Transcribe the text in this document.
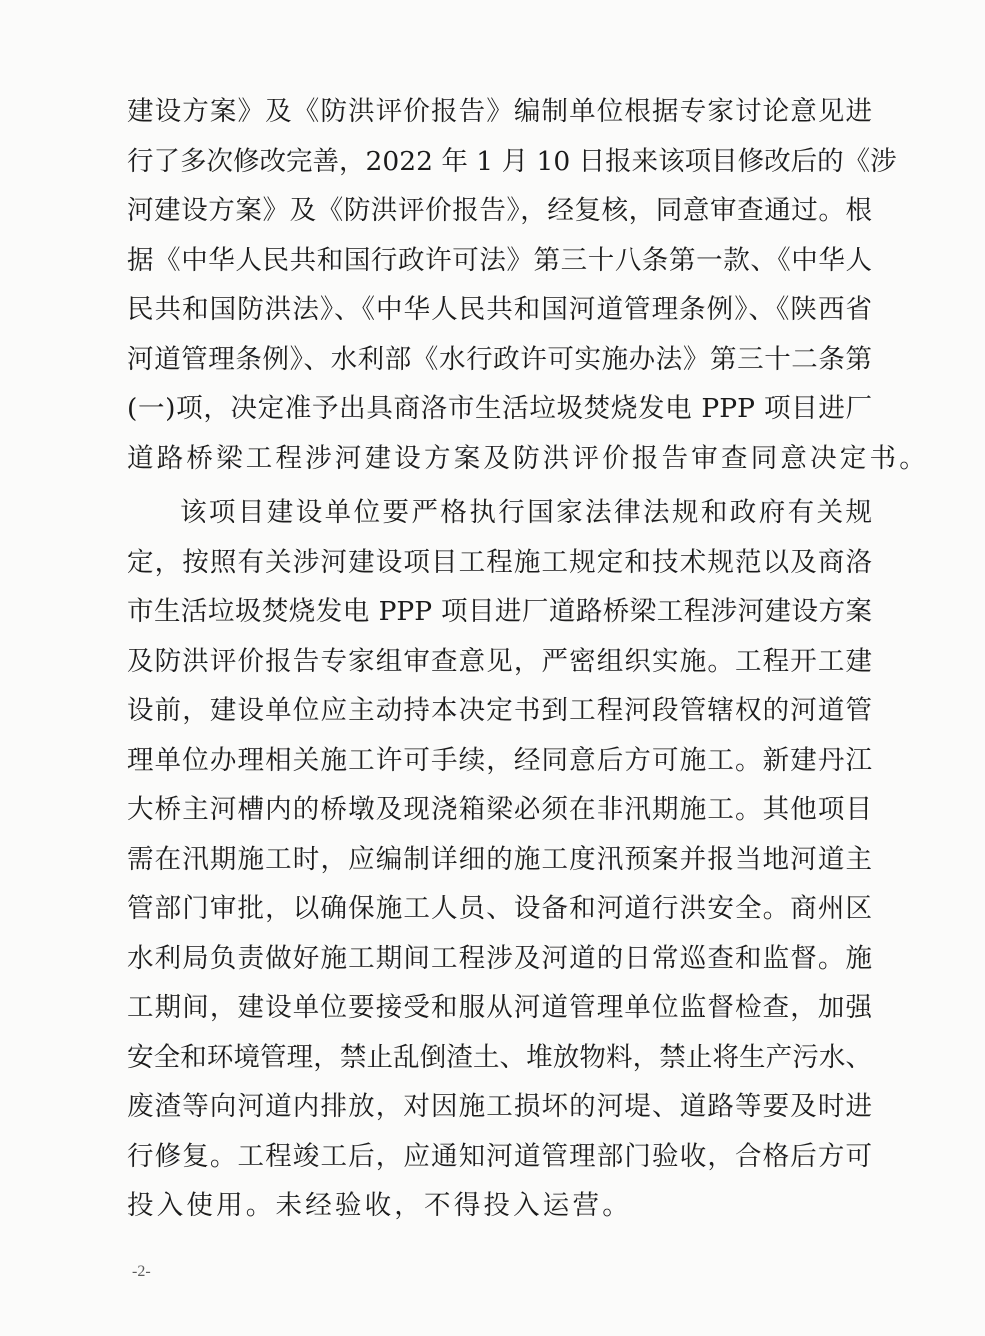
建设方案》及《防洪评价报告》编制单位根据专家讨论意见进
行了多次修改完善，2022 年 1 月 10 日报来该项目修改后的《涉
河建设方案》及《防洪评价报告》，经复核，同意审查通过。根
据《中华人民共和国行政许可法》第三十八条第一款、《中华人
民共和国防洪法》、《中华人民共和国河道管理条例》、《陕西省
河道管理条例》、水利部《水行政许可实施办法》第三十二条第
(一)项，决定准予出具商洛市生活垃圾焚烧发电 PPP 项目进厂
道路桥梁工程涉河建设方案及防洪评价报告审查同意决定书。
该项目建设单位要严格执行国家法律法规和政府有关规
定，按照有关涉河建设项目工程施工规定和技术规范以及商洛
市生活垃圾焚烧发电 PPP 项目进厂道路桥梁工程涉河建设方案
及防洪评价报告专家组审查意见，严密组织实施。工程开工建
设前，建设单位应主动持本决定书到工程河段管辖权的河道管
理单位办理相关施工许可手续，经同意后方可施工。新建丹江
大桥主河槽内的桥墩及现浇箱梁必须在非汛期施工。其他项目
需在汛期施工时，应编制详细的施工度汛预案并报当地河道主
管部门审批，以确保施工人员、设备和河道行洪安全。商州区
水利局负责做好施工期间工程涉及河道的日常巡查和监督。施
工期间，建设单位要接受和服从河道管理单位监督检查，加强
安全和环境管理，禁止乱倒渣土、堆放物料，禁止将生产污水、
废渣等向河道内排放，对因施工损坏的河堤、道路等要及时进
行修复。工程竣工后，应通知河道管理部门验收，合格后方可
投入使用。未经验收，不得投入运营。
-2-
